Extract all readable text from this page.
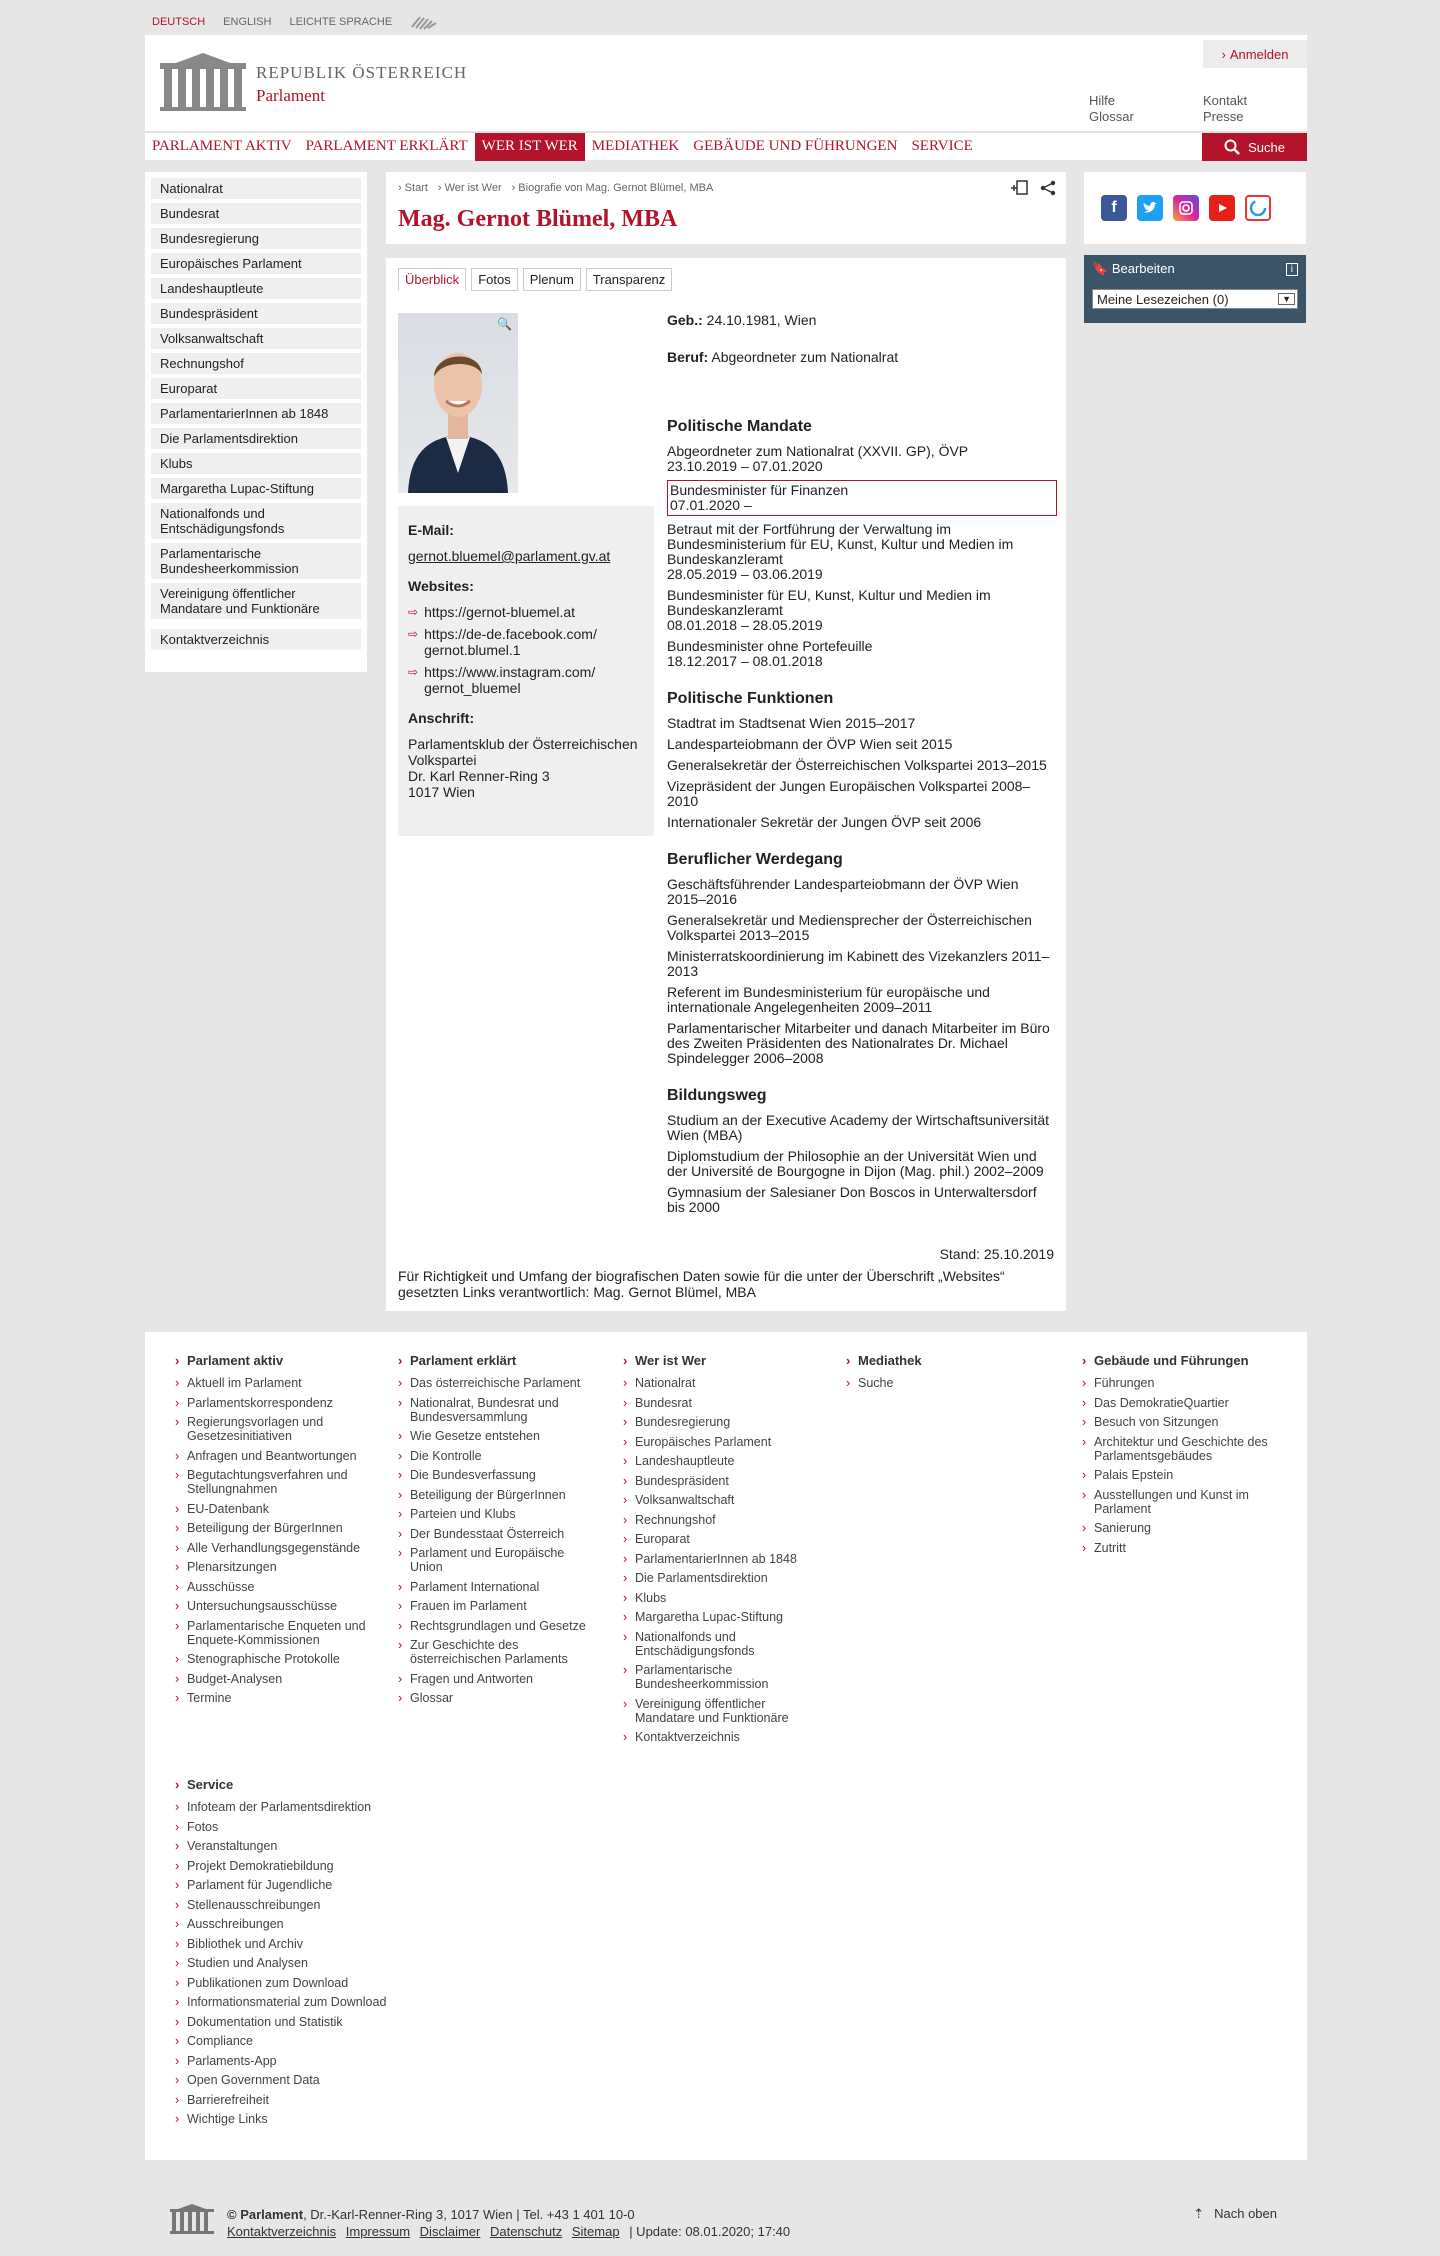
DEUTSCH ENGLISH LEICHTE SPRACHE
REPUBLIK ÖSTERREICH
Parlament
› Anmelden
Hilfe
Glossar
Kontakt
Presse
PARLAMENT AKTIV PARLAMENT ERKLÄRT WER IST WER MEDIATHEK GEBÄUDE UND FÜHRUNGEN SERVICE	Suche
Nationalrat
Bundesrat
Bundesregierung
Europäisches Parlament
Landeshauptleute
Bundespräsident
Volksanwaltschaft
Rechnungshof
Europarat
ParlamentarierInnen ab 1848
Die Parlamentsdirektion
Klubs
Margaretha Lupac-Stiftung
Nationalfonds und Entschädigungsfonds
Parlamentarische Bundesheerkommission
Vereinigung öffentlicher Mandatare und Funktionäre
Kontaktverzeichnis
› Start	› Wer ist Wer	› Biografie von Mag. Gernot Blümel, MBA
Mag. Gernot Blümel, MBA
Überblick	Fotos	Plenum	Transparenz
🔍
E-Mail:
gernot.bluemel@parlament.gv.at
Websites:
⇨ https://gernot-bluemel.at
⇨ https://de-de.facebook.com/ gernot.blumel.1
⇨ https://www.instagram.com/ gernot_bluemel
Anschrift:
Parlamentsklub der Österreichischen Volkspartei
Dr. Karl Renner-Ring 3
1017 Wien

Geb.: 24.10.1981, Wien

Beruf: Abgeordneter zum Nationalrat

Politische Mandate

Abgeordneter zum Nationalrat (XXVII. GP), ÖVP
23.10.2019 – 07.01.2020

Bundesminister für Finanzen
07.01.2020 –

Betraut mit der Fortführung der Verwaltung im Bundesministerium für EU, Kunst, Kultur und Medien im Bundeskanzleramt
28.05.2019 – 03.06.2019

Bundesminister für EU, Kunst, Kultur und Medien im Bundeskanzleramt
08.01.2018 – 28.05.2019

Bundesminister ohne Portefeuille
18.12.2017 – 08.01.2018

Politische Funktionen

Stadtrat im Stadtsenat Wien 2015–2017

Landesparteiobmann der ÖVP Wien seit 2015

Generalsekretär der Österreichischen Volkspartei 2013–2015

Vizepräsident der Jungen Europäischen Volkspartei 2008–2010

Internationaler Sekretär der Jungen ÖVP seit 2006

Beruflicher Werdegang

Geschäftsführender Landesparteiobmann der ÖVP Wien 2015–2016

Generalsekretär und Mediensprecher der Österreichischen Volkspartei 2013–2015

Ministerratskoordinierung im Kabinett des Vizekanzlers 2011–2013

Referent im Bundesministerium für europäische und internationale Angelegenheiten 2009–2011

Parlamentarischer Mitarbeiter und danach Mitarbeiter im Büro des Zweiten Präsidenten des Nationalrates Dr. Michael Spindelegger 2006–2008

Bildungsweg

Studium an der Executive Academy der Wirtschaftsuniversität Wien (MBA)

Diplomstudium der Philosophie an der Universität Wien und der Université de Bourgogne in Dijon (Mag. phil.) 2002–2009

Gymnasium der Salesianer Don Boscos in Unterwaltersdorf bis 2000

Stand: 25.10.2019
Für Richtigkeit und Umfang der biografischen Daten sowie für die unter der Überschrift „Websites“ gesetzten Links verantwortlich: Mag. Gernot Blümel, MBA
f
🔖 Bearbeiten	i
Meine Lesezeichen (0)	▼
› Parlament aktiv
› Aktuell im Parlament
› Parlamentskorrespondenz
› Regierungsvorlagen und Gesetzesinitiativen
› Anfragen und Beantwortungen
› Begutachtungsverfahren und Stellungnahmen
› EU-Datenbank
› Beteiligung der BürgerInnen
› Alle Verhandlungsgegenstände
› Plenarsitzungen
› Ausschüsse
› Untersuchungsausschüsse
› Parlamentarische Enqueten und Enquete-Kommissionen
› Stenographische Protokolle
› Budget-Analysen
› Termine
› Parlament erklärt
› Das österreichische Parlament
› Nationalrat, Bundesrat und Bundesversammlung
› Wie Gesetze entstehen
› Die Kontrolle
› Die Bundesverfassung
› Beteiligung der BürgerInnen
› Parteien und Klubs
› Der Bundesstaat Österreich
› Parlament und Europäische Union
› Parlament International
› Frauen im Parlament
› Rechtsgrundlagen und Gesetze
› Zur Geschichte des österreichischen Parlaments
› Fragen und Antworten
› Glossar
› Wer ist Wer
› Nationalrat
› Bundesrat
› Bundesregierung
› Europäisches Parlament
› Landeshauptleute
› Bundespräsident
› Volksanwaltschaft
› Rechnungshof
› Europarat
› ParlamentarierInnen ab 1848
› Die Parlamentsdirektion
› Klubs
› Margaretha Lupac-Stiftung
› Nationalfonds und Entschädigungsfonds
› Parlamentarische Bundesheerkommission
› Vereinigung öffentlicher Mandatare und Funktionäre
› Kontaktverzeichnis
› Mediathek
› Suche
› Gebäude und Führungen
› Führungen
› Das DemokratieQuartier
› Besuch von Sitzungen
› Architektur und Geschichte des Parlamentsgebäudes
› Palais Epstein
› Ausstellungen und Kunst im Parlament
› Sanierung
› Zutritt
› Service
› Infoteam der Parlamentsdirektion
› Fotos
› Veranstaltungen
› Projekt Demokratiebildung
› Parlament für Jugendliche
› Stellenausschreibungen
› Ausschreibungen
› Bibliothek und Archiv
› Studien und Analysen
› Publikationen zum Download
› Informationsmaterial zum Download
› Dokumentation und Statistik
› Compliance
› Parlaments-App
› Open Government Data
› Barrierefreiheit
› Wichtige Links
© Parlament, Dr.-Karl-Renner-Ring 3, 1017 Wien | Tel. +43 1 401 10-0
Kontaktverzeichnis Impressum Disclaimer Datenschutz Sitemap | Update: 08.01.2020; 17:40
⇡ Nach oben
